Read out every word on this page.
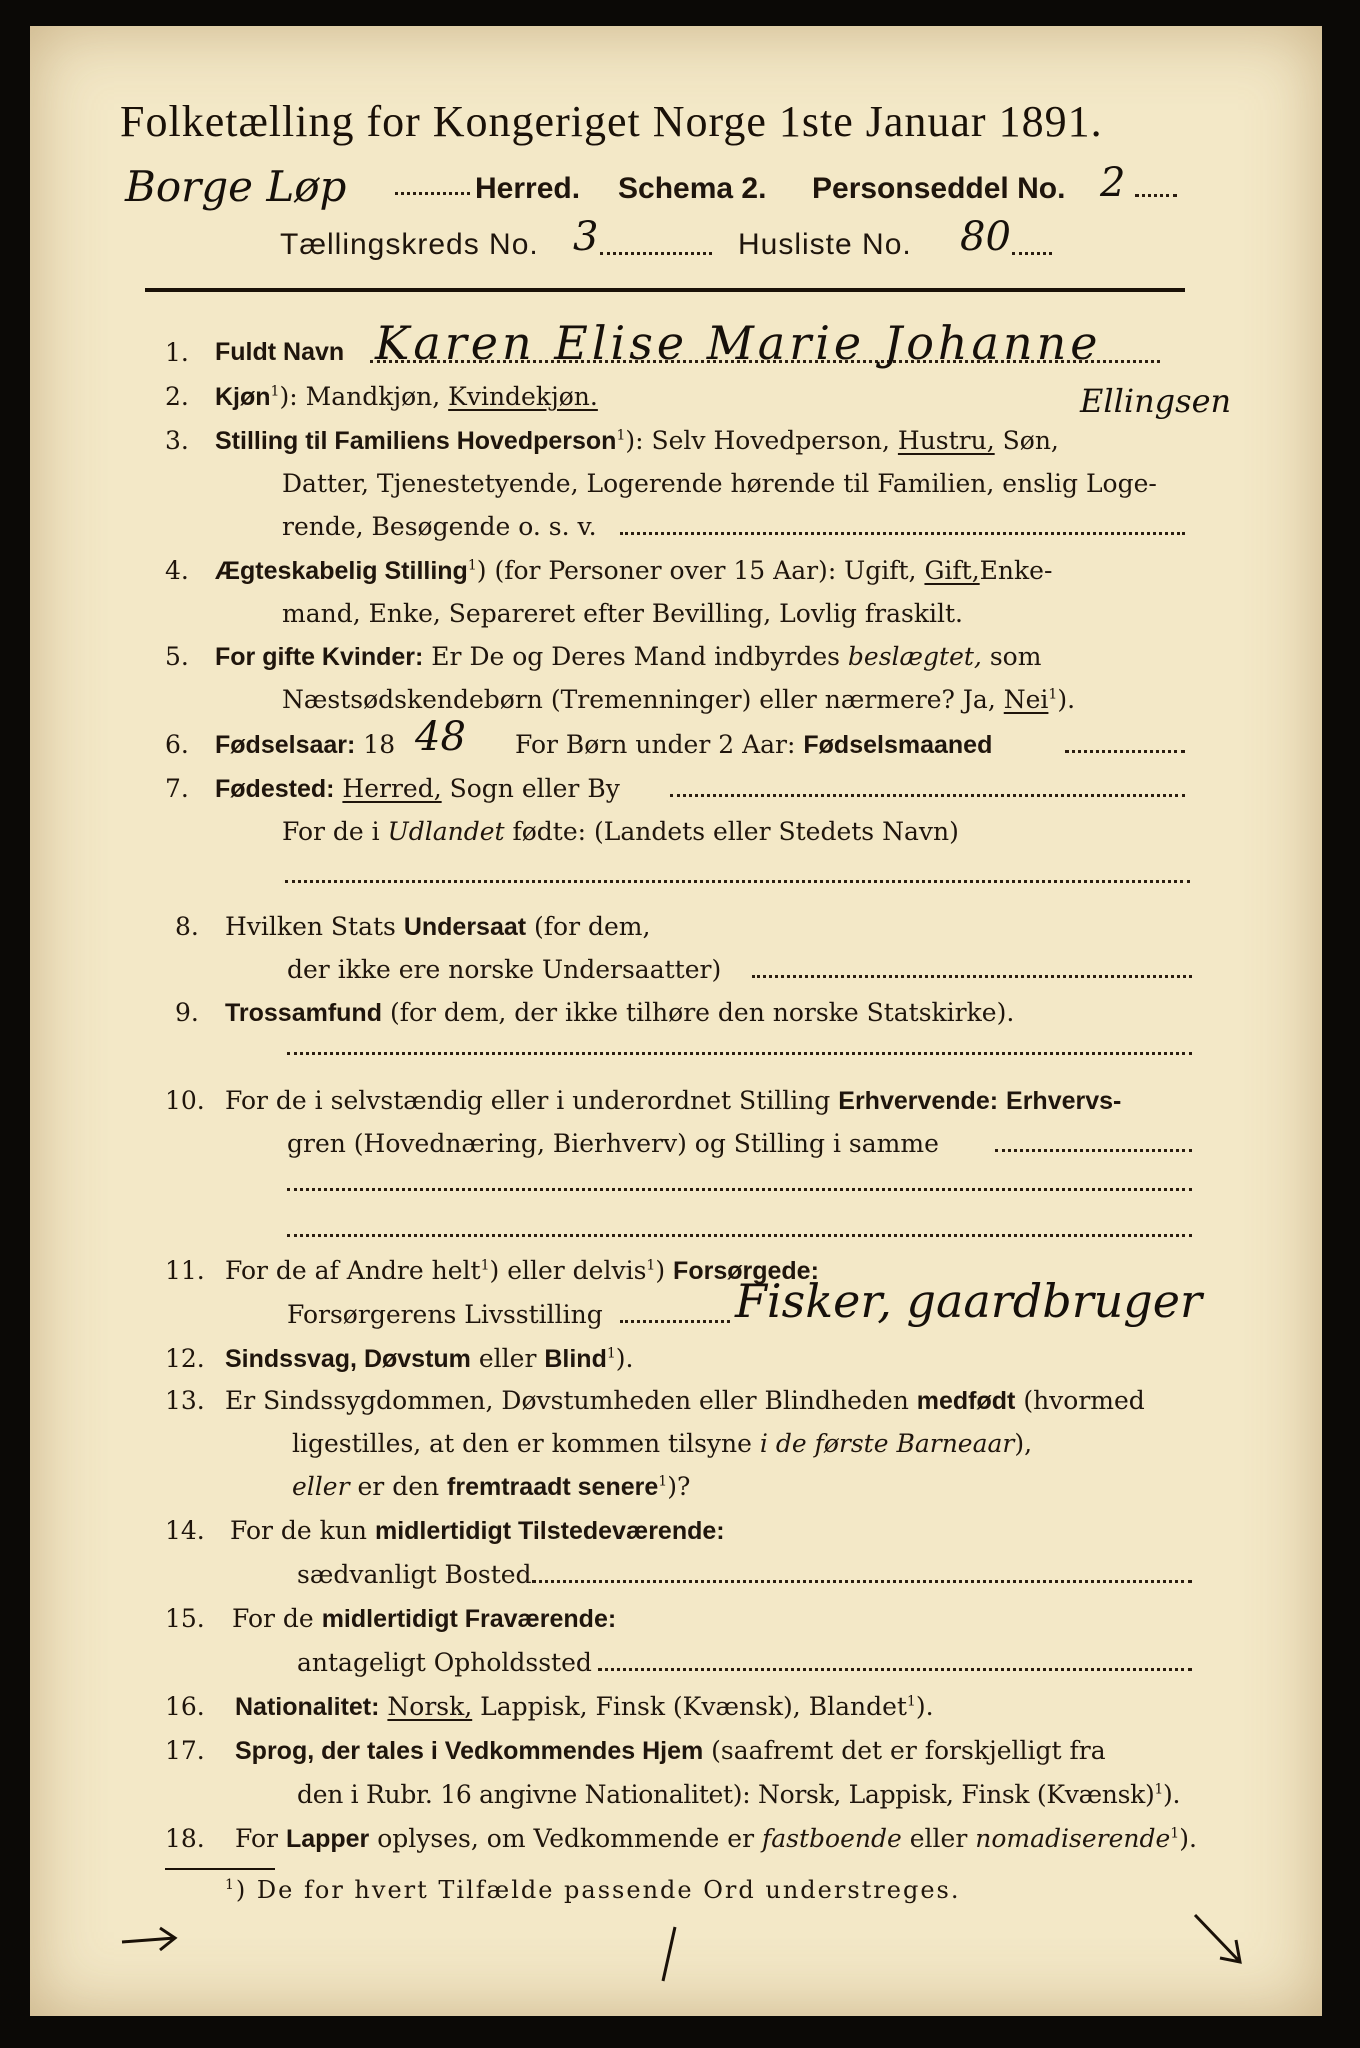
Folketælling for Kongeriget Norge 1ste Januar 1891.
Borge Løp	Herred. Schema 2. Personseddel No. 2
Tællingskreds No. 3	Husliste No. 80
1. Fuldt Navn Karen Elise Marie Johanne
Ellingsen
2. Kjøn$^1$): Mandkjøn, Kvindekjøn.
3. Stilling til Familiens Hovedperson$^1$): Selv Hovedperson, Hustru, Søn,
Datter, Tjenestetyende, Logerende hørende til Familien, enslig Loge-
rende, Besøgende o. s. v.
4. Ægteskabelig Stilling$^1$) (for Personer over 15 Aar): Ugift, Gift,Enke-
mand, Enke, Separeret efter Bevilling, Lovlig fraskilt.
5. For gifte Kvinder: Er De og Deres Mand indbyrdes beslægtet, som
Næstsødskendebørn (Tremenninger) eller nærmere? Ja, Nei$^1$).
6. Fødselsaar: 18 48 For Børn under 2 Aar: Fødselsmaaned
7. Fødested: Herred, Sogn eller By
For de i Udlandet fødte: (Landets eller Stedets Navn)
8. Hvilken Stats Undersaat (for dem,
der ikke ere norske Undersaatter)
9. Trossamfund (for dem, der ikke tilhøre den norske Statskirke).
10. For de i selvstændig eller i underordnet Stilling Erhvervende: Erhvervs-
gren (Hovednæring, Bierhverv) og Stilling i samme
11. For de af Andre helt$^1$) eller delvis$^1$) Forsørgede:
Forsørgerens Livsstilling	Fisker, gaardbruger
12. Sindssvag, Døvstum eller Blind$^1$).
13. Er Sindssygdommen, Døvstumheden eller Blindheden medfødt (hvormed
ligestilles, at den er kommen tilsyne i de første Barneaar),
eller er den fremtraadt senere$^1$)?
14. For de kun midlertidigt Tilstedeværende:
sædvanligt Bosted
15. For de midlertidigt Fraværende:
antageligt Opholdssted
16. Nationalitet: Norsk, Lappisk, Finsk (Kvænsk), Blandet$^1$).
17. Sprog, der tales i Vedkommendes Hjem (saafremt det er forskjelligt fra
den i Rubr. 16 angivne Nationalitet): Norsk, Lappisk, Finsk (Kvænsk)$^1$).
18. For Lapper oplyses, om Vedkommende er fastboende eller nomadiserende$^1$).
$^1$) De for hvert Tilfælde passende Ord understreges.
